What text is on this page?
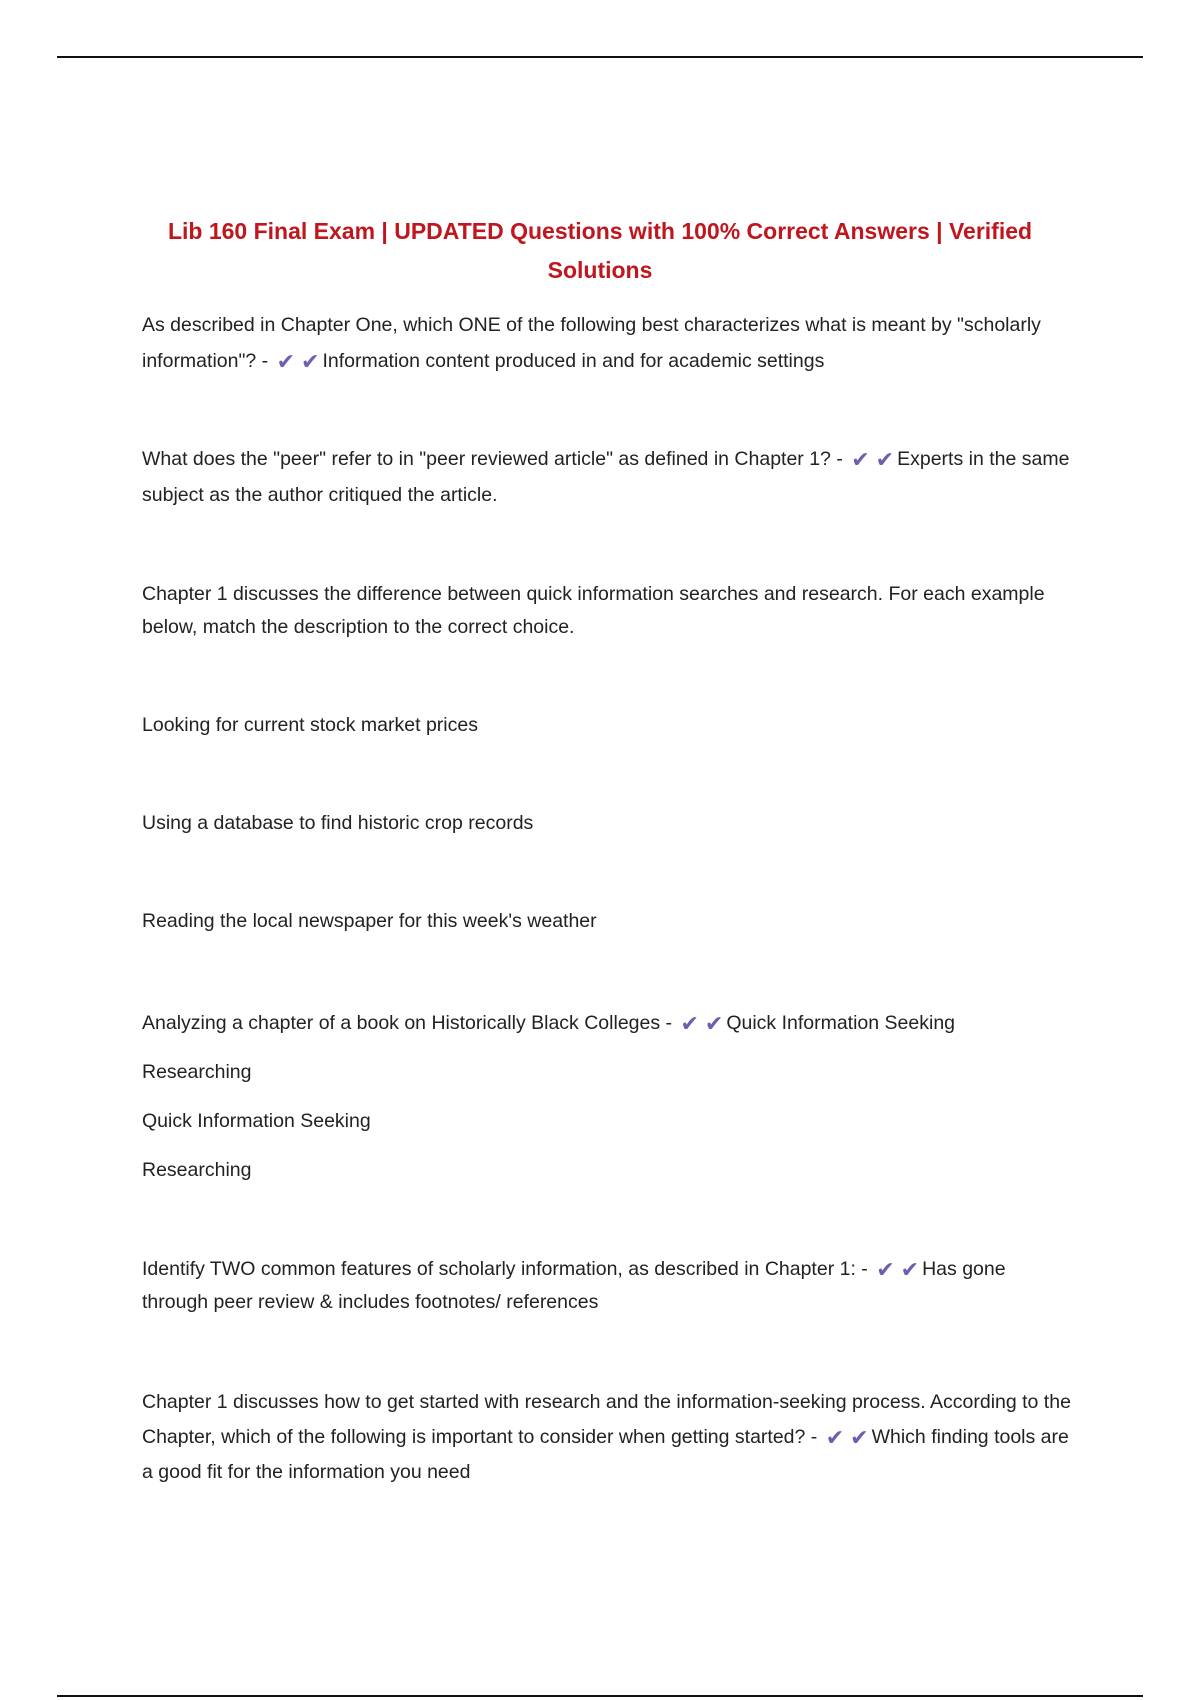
Lib 160 Final Exam | UPDATED Questions with 100% Correct Answers | Verified Solutions
As described in Chapter One, which ONE of the following best characterizes what is meant by "scholarly information"? - ✔ ✔ Information content produced in and for academic settings
What does the "peer" refer to in "peer reviewed article" as defined in Chapter 1? - ✔ ✔ Experts in the same subject as the author critiqued the article.
Chapter 1 discusses the difference between quick information searches and research. For each example below, match the description to the correct choice.
Looking for current stock market prices
Using a database to find historic crop records
Reading the local newspaper for this week's weather
Analyzing a chapter of a book on Historically Black Colleges - ✔ ✔ Quick Information Seeking
Researching
Quick Information Seeking
Researching
Identify TWO common features of scholarly information, as described in Chapter 1: - ✔ ✔ Has gone through peer review & includes footnotes/ references
Chapter 1 discusses how to get started with research and the information-seeking process. According to the Chapter, which of the following is important to consider when getting started? - ✔ ✔ Which finding tools are a good fit for the information you need
